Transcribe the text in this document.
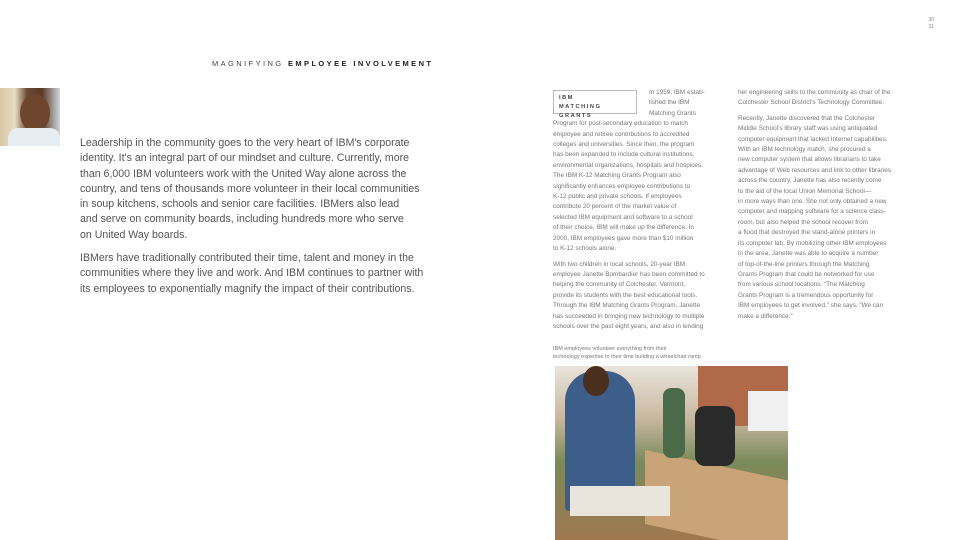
30
31
MAGNIFYING EMPLOYEE INVOLVEMENT
Leadership in the community goes to the very heart of IBM's corporate
identity. It's an integral part of our mindset and culture. Currently, more
than 6,000 IBM volunteers work with the United Way alone across the
country, and tens of thousands more volunteer in their local communities
in soup kitchens, schools and senior care facilities. IBMers also lead
and serve on community boards, including hundreds more who serve
on United Way boards.
IBMers have traditionally contributed their time, talent and money in the
communities where they live and work. And IBM continues to partner with
its employees to exponentially magnify the impact of their contributions.
IBM
MATCHING GRANTS
In 1959, IBM estab-
lished the IBM
Matching Grants
Program for post-secondary education to match
employee and retiree contributions to accredited
colleges and universities. Since then, the program
has been expanded to include cultural institutions,
environmental organizations, hospitals and hospices.
The IBM K-12 Matching Grants Program also
significantly enhances employee contributions to
K-12 public and private schools. If employees
contribute 20 percent of the market value of
selected IBM equipment and software to a school
of their choice, IBM will make up the difference. In
2000, IBM employees gave more than $10 million
to K-12 schools alone.
With two children in local schools, 20-year IBM
employee Janette Bombardier has been committed to
helping the community of Colchester, Vermont,
provide its students with the best educational tools.
Through the IBM Matching Grants Program, Janette
has succeeded in bringing new technology to multiple
schools over the past eight years, and also in lending
her engineering skills to the community as chair of the
Colchester School District's Technology Committee.
Recently, Janette discovered that the Colchester
Middle School's library staff was using antiquated
computer equipment that lacked Internet capabilities.
With an IBM technology match, she procured a
new computer system that allows librarians to take
advantage of Web resources and link to other libraries
across the country. Janette has also recently come
to the aid of the local Union Memorial School—
in more ways than one. She not only obtained a new
computer and mapping software for a science class-
room, but also helped the school recover from
a flood that destroyed the stand-alone printers in
its computer lab. By mobilizing other IBM employees
in the area, Janette was able to acquire a number
of top-of-the-line printers through the Matching
Grants Program that could be networked for use
from various school locations. “The Matching
Grants Program is a tremendous opportunity for
IBM employees to get involved,” she says. “We can
make a difference.”
IBM employees volunteer everything from their
technology expertise to their time building a wheelchair ramp.
